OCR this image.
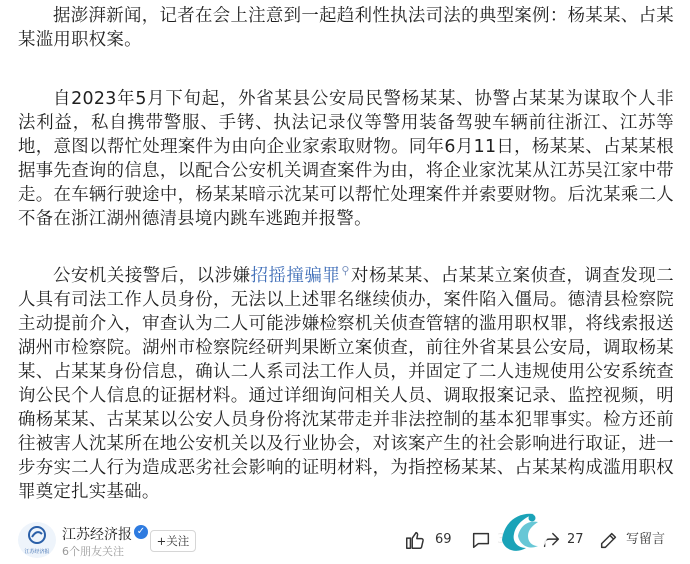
据澎湃新闻，记者在会上注意到一起趋利性执法司法的典型案例：杨某某、占某某滥用职权案。

自2023年5月下旬起，外省某县公安局民警杨某某、协警占某某为谋取个人非法利益，私自携带警服、手铐、执法记录仪等警用装备驾驶车辆前往浙江、江苏等地，意图以帮忙处理案件为由向企业家索取财物。同年6月11日，杨某某、占某某根据事先查询的信息，以配合公安机关调查案件为由，将企业家沈某从江苏吴江家中带走。在车辆行驶途中，杨某某暗示沈某可以帮忙处理案件并索要财物。后沈某乘二人不备在浙江湖州德清县境内跳车逃跑并报警。

公安机关接警后，以涉嫌招摇撞骗罪⚲对杨某某、占某某立案侦查，调查发现二人具有司法工作人员身份，无法以上述罪名继续侦办，案件陷入僵局。德清县检察院主动提前介入，审查认为二人可能涉嫌检察机关侦查管辖的滥用职权罪，将线索报送湖州市检察院。湖州市检察院经研判果断立案侦查，前往外省某县公安局，调取杨某某、占某某身份信息，确认二人系司法工作人员，并固定了二人违规使用公安系统查询公民个人信息的证据材料。通过详细询问相关人员、调取报案记录、监控视频，明确杨某某、古某某以公安人员身份将沈某带走并非法控制的基本犯罪事实。检方还前往被害人沈某所在地公安机关以及行业协会，对该案产生的社会影响进行取证，进一步夯实二人行为造成恶劣社会影响的证明材料，为指控杨某某、占某某构成滥用职权罪奠定扎实基础。

江苏经济报
江苏经济报 ✓
6个朋友关注
+关注	69	27	写留言
